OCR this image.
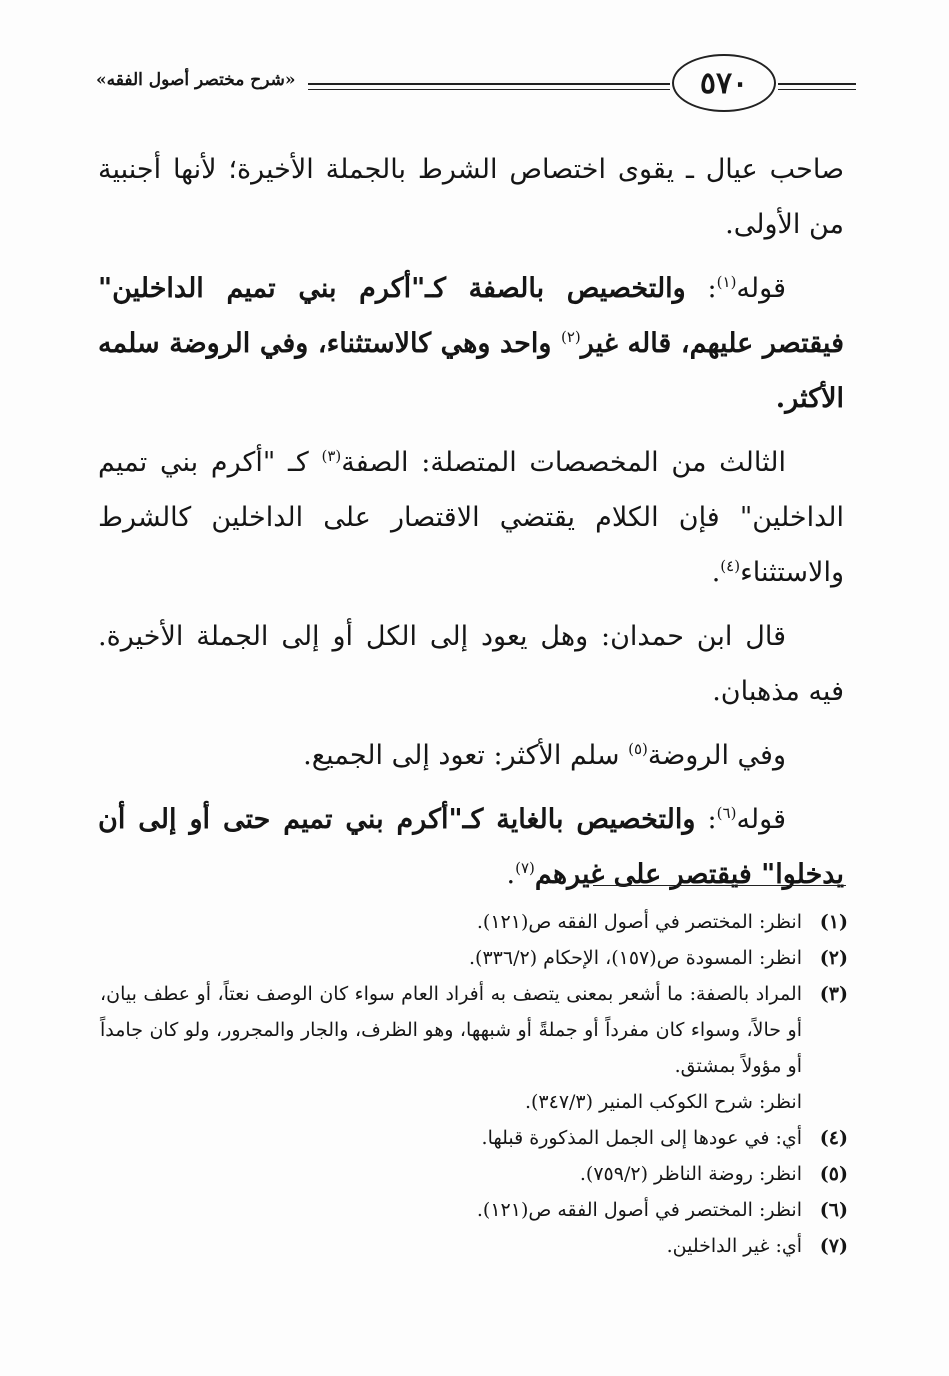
«شرح مختصر أصول الفقه»	٥٧٠

صاحب عيال ـ يقوى اختصاص الشرط بالجملة الأخيرة؛ لأنها أجنبية من الأولى.

قوله$^{(١)}$: والتخصيص بالصفة كـ"أكرم بني تميم الداخلين" فيقتصر عليهم، قاله غير$^{(٢)}$ واحد وهي كالاستثناء، وفي الروضة سلمه الأكثر.

الثالث من المخصصات المتصلة: الصفة$^{(٣)}$ كـ "أكرم بني تميم الداخلين" فإن الكلام يقتضي الاقتصار على الداخلين كالشرط والاستثناء$^{(٤)}$.

قال ابن حمدان: وهل يعود إلى الكل أو إلى الجملة الأخيرة. فيه مذهبان.

وفي الروضة$^{(٥)}$ سلم الأكثر: تعود إلى الجميع.

قوله$^{(٦)}$: والتخصيص بالغاية كـ"أكرم بني تميم حتى أو إلى أن يدخلوا" فيقتصر على غيرهم$^{(٧)}$.

(١)
انظر: المختصر في أصول الفقه ص(١٢١).
(٢)
انظر: المسودة ص(١٥٧)، الإحكام (٣٣٦/٢).
(٣)
المراد بالصفة: ما أشعر بمعنى يتصف به أفراد العام سواء كان الوصف نعتاً، أو عطف بيان، أو حالاً، وسواء كان مفرداً أو جملةً أو شبهها، وهو الظرف، والجار والمجرور، ولو كان جامداً أو مؤولاً بمشتق.
انظر: شرح الكوكب المنير (٣٤٧/٣).
(٤)
أي: في عودها إلى الجمل المذكورة قبلها.
(٥)
انظر: روضة الناظر (٧٥٩/٢).
(٦)
انظر: المختصر في أصول الفقه ص(١٢١).
(٧)
أي: غير الداخلين.
